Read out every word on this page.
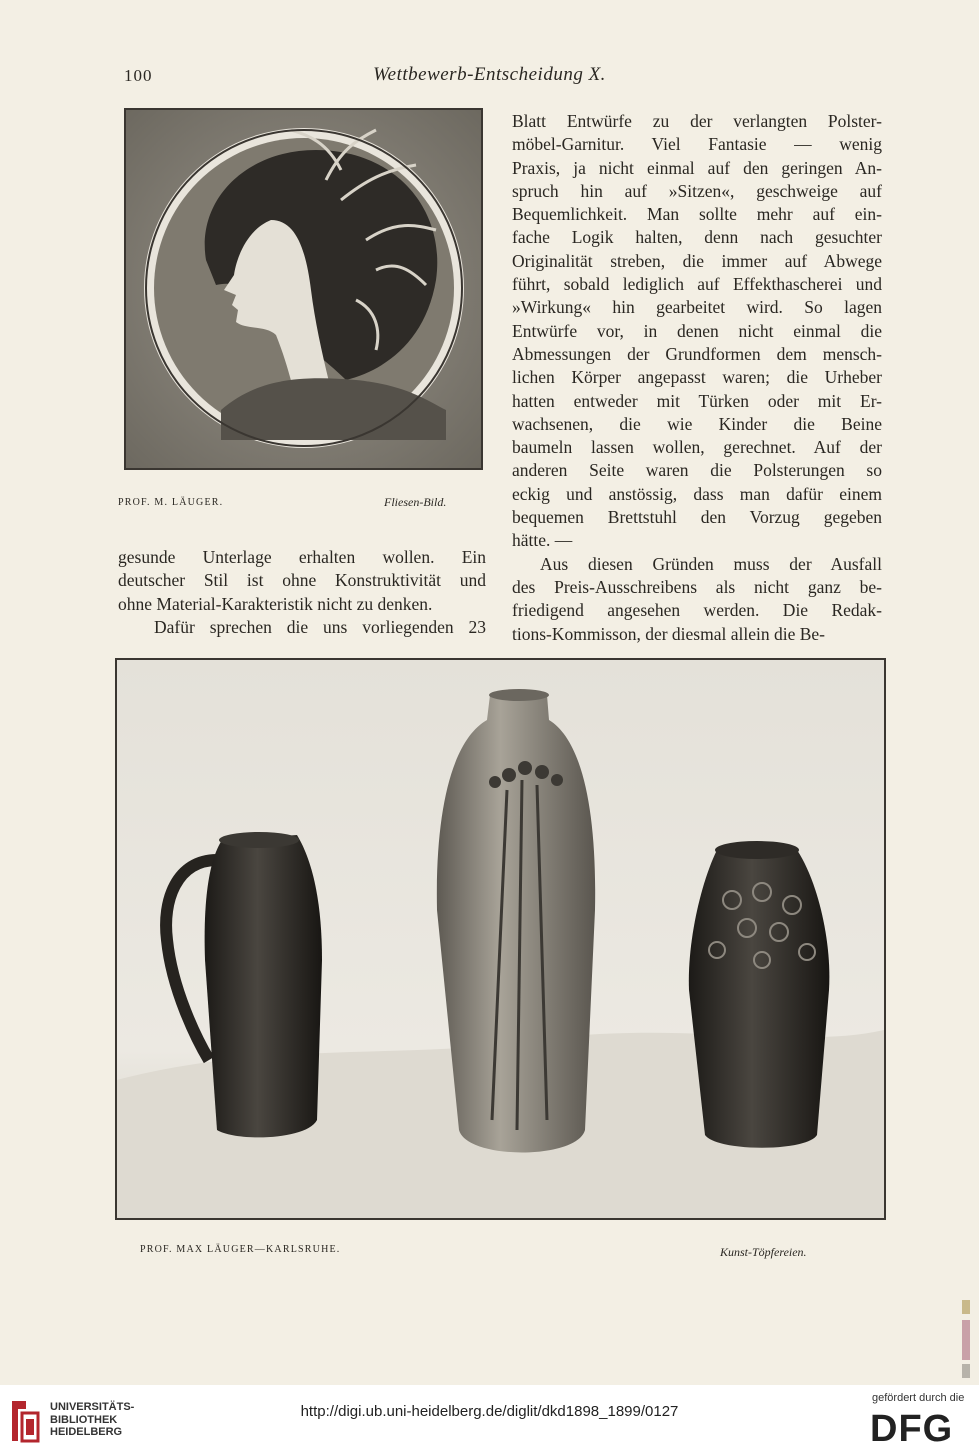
100	Wettbewerb-Entscheidung X.
PROF. M. LÄUGER.	Fliesen-Bild.
Blatt Entwürfe zu der verlangten Polster-
möbel-Garnitur. Viel Fantasie — wenig
Praxis, ja nicht einmal auf den geringen An-
spruch hin auf »Sitzen«, geschweige auf
Bequemlichkeit. Man sollte mehr auf ein-
fache Logik halten, denn nach gesuchter
Originalität streben, die immer auf Abwege
führt, sobald lediglich auf Effekthascherei und
»Wirkung« hin gearbeitet wird. So lagen
Entwürfe vor, in denen nicht einmal die
Abmessungen der Grundformen dem mensch-
lichen Körper angepasst waren; die Urheber
hatten entweder mit Türken oder mit Er-
wachsenen, die wie Kinder die Beine
baumeln lassen wollen, gerechnet. Auf der
anderen Seite waren die Polsterungen so
eckig und anstössig, dass man dafür einem
bequemen Brettstuhl den Vorzug gegeben
hätte. —
Aus diesen Gründen muss der Ausfall
des Preis-Ausschreibens als nicht ganz be-
friedigend angesehen werden. Die Redak-
tions-Kommisson, der diesmal allein die Be-
gesunde Unterlage erhalten wollen. Ein
deutscher Stil ist ohne Konstruktivität und
ohne Material-Karakteristik nicht zu denken.
Dafür sprechen die uns vorliegenden 23
PROF. MAX LÄUGER—KARLSRUHE.	Kunst-Töpfereien.
UNIVERSITÄTS-
BIBLIOTHEK
HEIDELBERG
http://digi.ub.uni-heidelberg.de/diglit/dkd1898_1899/0127
gefördert durch die
DFG
